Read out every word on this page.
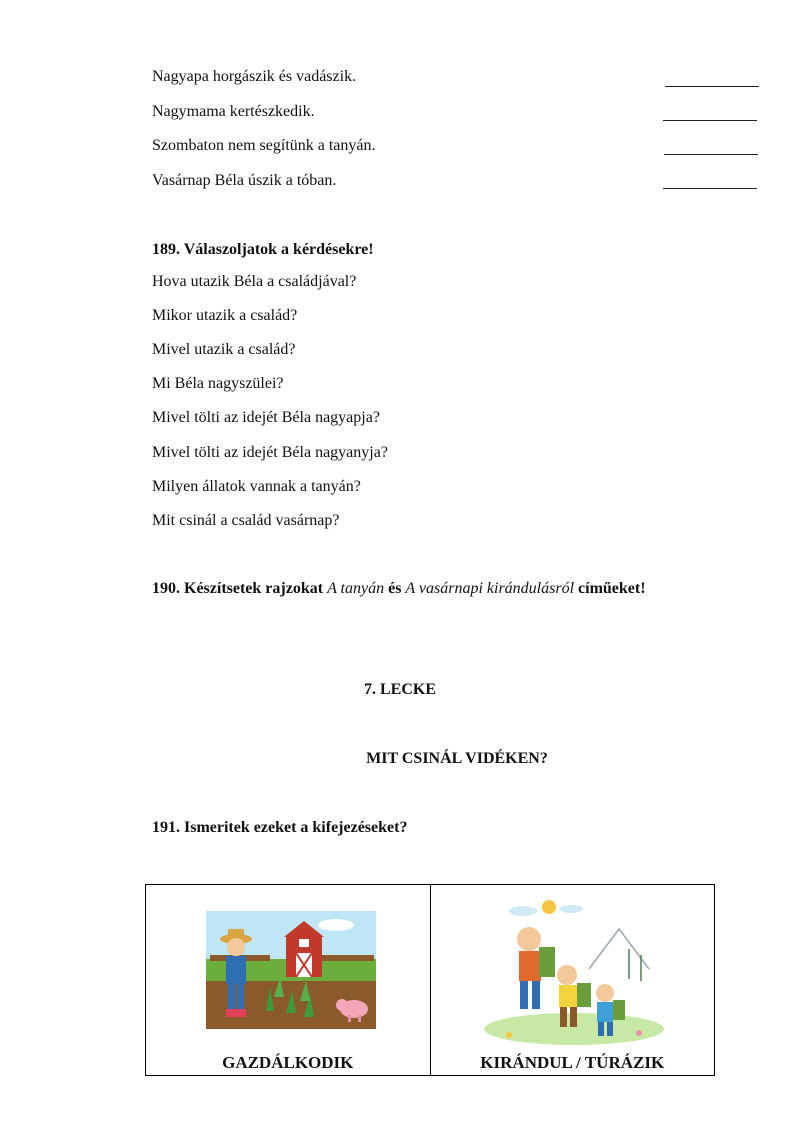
Nagyapa horgászik és vadászik.
Nagymama kertészkedik.
Szombaton nem segítünk a tanyán.
Vasárnap Béla úszik a tóban.
189. Válaszoljatok a kérdésekre!
Hova utazik Béla a családjával?
Mikor utazik a család?
Mivel utazik a család?
Mi Béla nagyszülei?
Mivel tölti az idejét Béla nagyapja?
Mivel tölti az idejét Béla nagyanyja?
Milyen állatok vannak a tanyán?
Mit csinál a család vasárnap?
190. Készítsetek rajzokat A tanyán és A vasárnapi kirándulásról címűeket!
7. LECKE
MIT CSINÁL VIDÉKEN?
191. Ismeritek ezeket a kifejezéseket?
GAZDÁLKODIK	KIRÁNDUL / TÚRÁZIK
